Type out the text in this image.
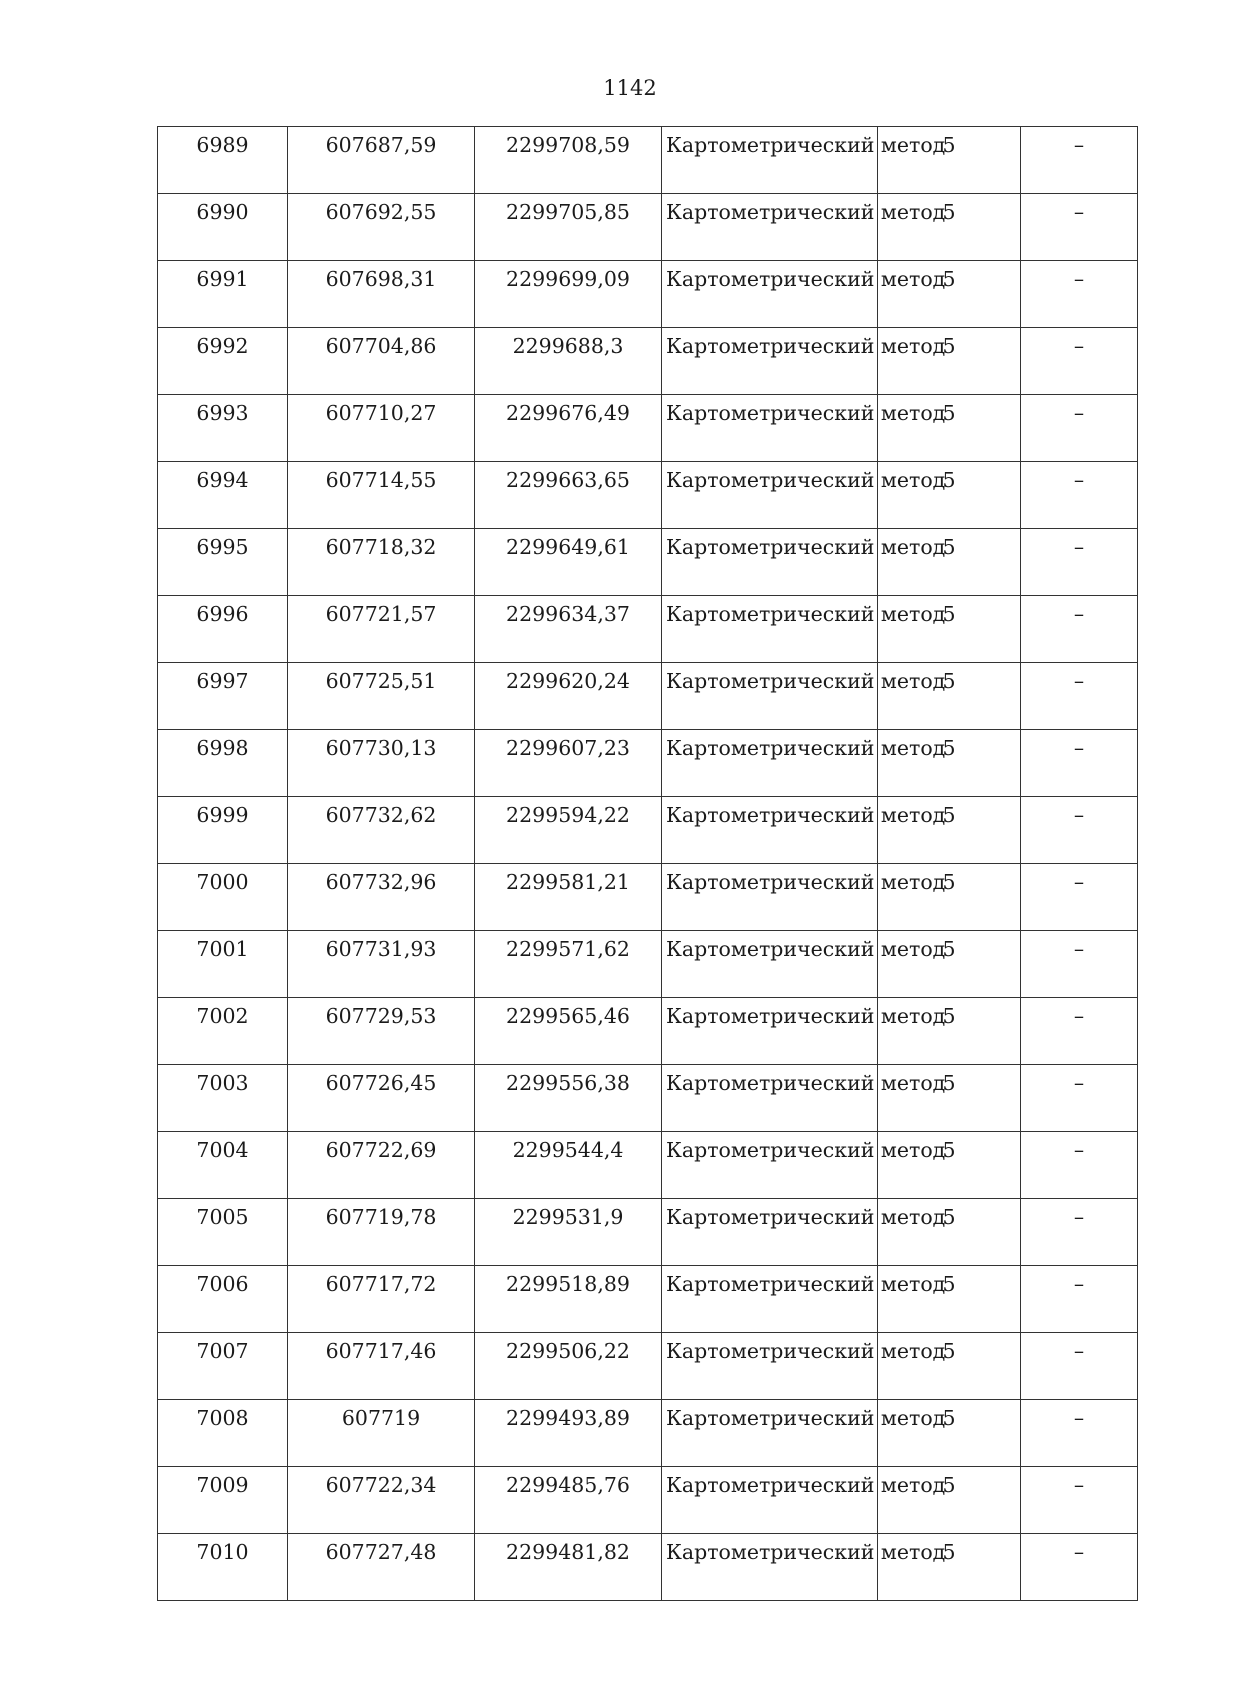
1142
6989	607687,59	2299708,59	Картометрический метод	5	–
6990	607692,55	2299705,85	Картометрический метод	5	–
6991	607698,31	2299699,09	Картометрический метод	5	–
6992	607704,86	2299688,3	Картометрический метод	5	–
6993	607710,27	2299676,49	Картометрический метод	5	–
6994	607714,55	2299663,65	Картометрический метод	5	–
6995	607718,32	2299649,61	Картометрический метод	5	–
6996	607721,57	2299634,37	Картометрический метод	5	–
6997	607725,51	2299620,24	Картометрический метод	5	–
6998	607730,13	2299607,23	Картометрический метод	5	–
6999	607732,62	2299594,22	Картометрический метод	5	–
7000	607732,96	2299581,21	Картометрический метод	5	–
7001	607731,93	2299571,62	Картометрический метод	5	–
7002	607729,53	2299565,46	Картометрический метод	5	–
7003	607726,45	2299556,38	Картометрический метод	5	–
7004	607722,69	2299544,4	Картометрический метод	5	–
7005	607719,78	2299531,9	Картометрический метод	5	–
7006	607717,72	2299518,89	Картометрический метод	5	–
7007	607717,46	2299506,22	Картометрический метод	5	–
7008	607719	2299493,89	Картометрический метод	5	–
7009	607722,34	2299485,76	Картометрический метод	5	–
7010	607727,48	2299481,82	Картометрический метод	5	–
